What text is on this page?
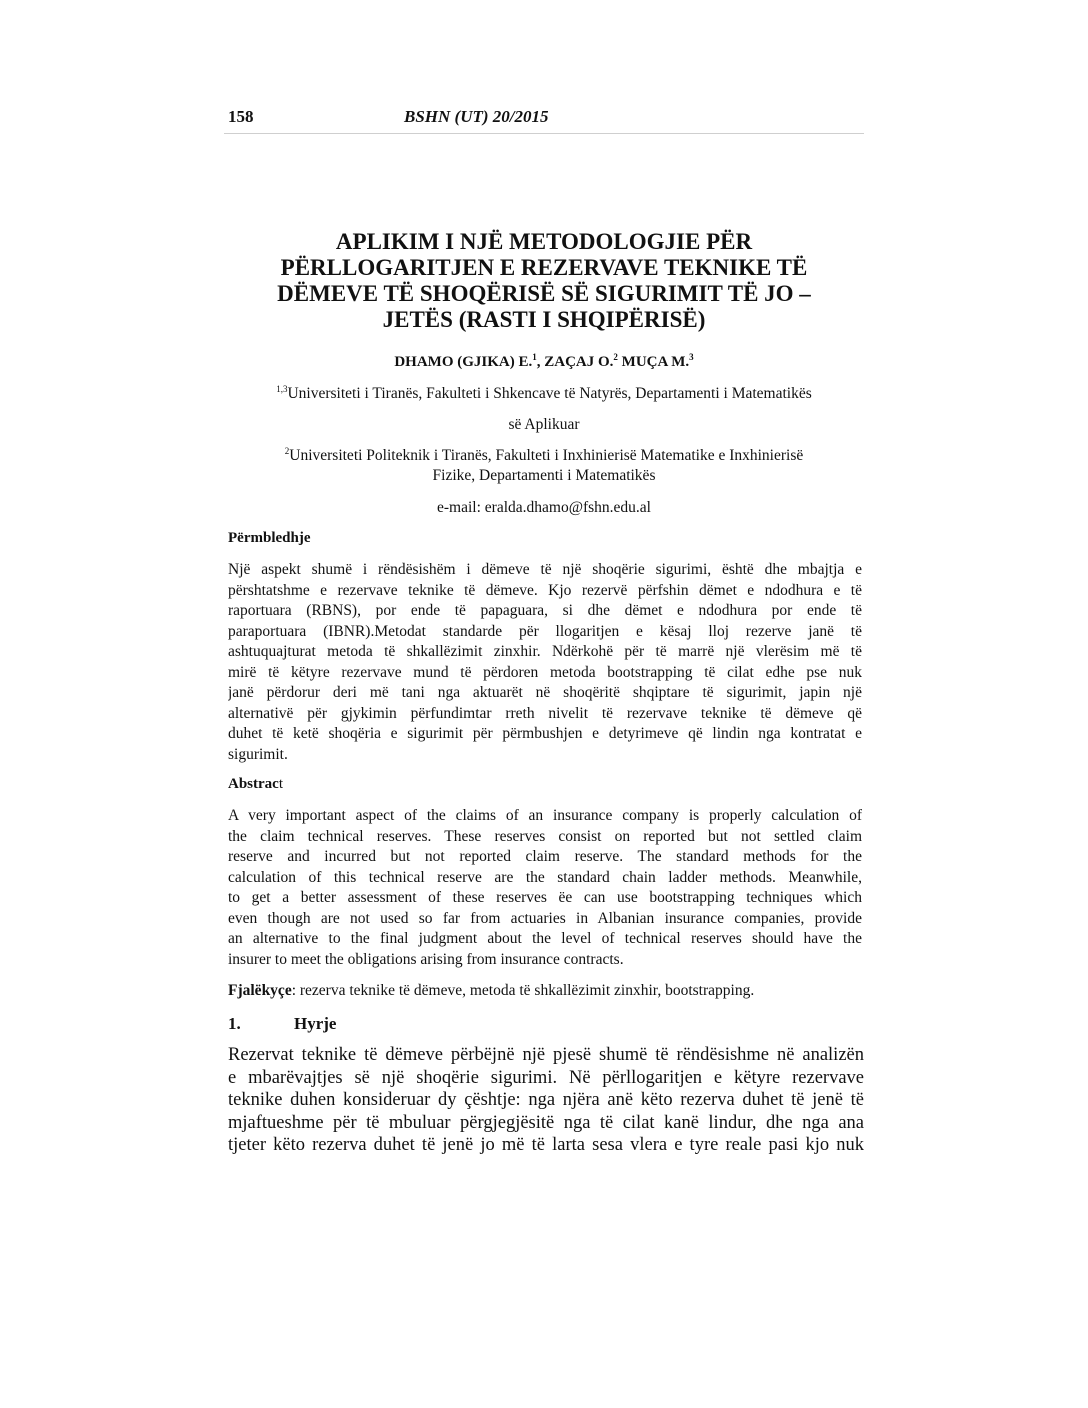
158	BSHN (UT) 20/2015
APLIKIM I NJË METODOLOGJIE PËR
PËRLLOGARITJEN E REZERVAVE TEKNIKE TË
DËMEVE TË SHOQËRISË SË SIGURIMIT TË JO –
JETËS (RASTI I SHQIPËRISË)
DHAMO (GJIKA) E.$^1$, ZAÇAJ O.$^2$ MUÇA M.$^3$
$^{1,3}$Universiteti i Tiranës, Fakulteti i Shkencave të Natyrës, Departamenti i Matematikës
së Aplikuar
$^2$Universiteti Politeknik i Tiranës, Fakulteti i Inxhinierisë Matematike e Inxhinierisë
Fizike, Departamenti i Matematikës
e-mail: eralda.dhamo@fshn.edu.al
Përmbledhje
Një aspekt shumë i rëndësishëm i dëmeve të një shoqërie sigurimi, është dhe mbajtja e
përshtatshme e rezervave teknike të dëmeve. Kjo rezervë përfshin dëmet e ndodhura e të
raportuara (RBNS), por ende të papaguara, si dhe dëmet e ndodhura por ende të
paraportuara (IBNR).Metodat standarde për llogaritjen e kësaj lloj rezerve janë të
ashtuquajturat metoda të shkallëzimit zinxhir. Ndërkohë për të marrë një vlerësim më të
mirë të këtyre rezervave mund të përdoren metoda bootstrapping të cilat edhe pse nuk
janë përdorur deri më tani nga aktuarët në shoqëritë shqiptare të sigurimit, japin një
alternativë për gjykimin përfundimtar rreth nivelit të rezervave teknike të dëmeve që
duhet të ketë shoqëria e sigurimit për përmbushjen e detyrimeve që lindin nga kontratat e
sigurimit.
Abstract
A very important aspect of the claims of an insurance company is properly calculation of
the claim technical reserves. These reserves consist on reported but not settled claim
reserve and incurred but not reported claim reserve. The standard methods for the
calculation of this technical reserve are the standard chain ladder methods. Meanwhile,
to get a better assessment of these reserves ëe can use bootstrapping techniques which
even though are not used so far from actuaries in Albanian insurance companies, provide
an alternative to the final judgment about the level of technical reserves should have the
insurer to meet the obligations arising from insurance contracts.
Fjalëkyçe: rezerva teknike të dëmeve, metoda të shkallëzimit zinxhir, bootstrapping.
1.	Hyrje
Rezervat teknike të dëmeve përbëjnë një pjesë shumë të rëndësishme në analizën
e mbarëvajtjes së një shoqërie sigurimi. Në përllogaritjen e këtyre rezervave
teknike duhen konsideruar dy çështje: nga njëra anë këto rezerva duhet të jenë të
mjaftueshme për të mbuluar përgjegjësitë nga të cilat kanë lindur, dhe nga ana
tjeter këto rezerva duhet të jenë jo më të larta sesa vlera e tyre reale pasi kjo nuk
